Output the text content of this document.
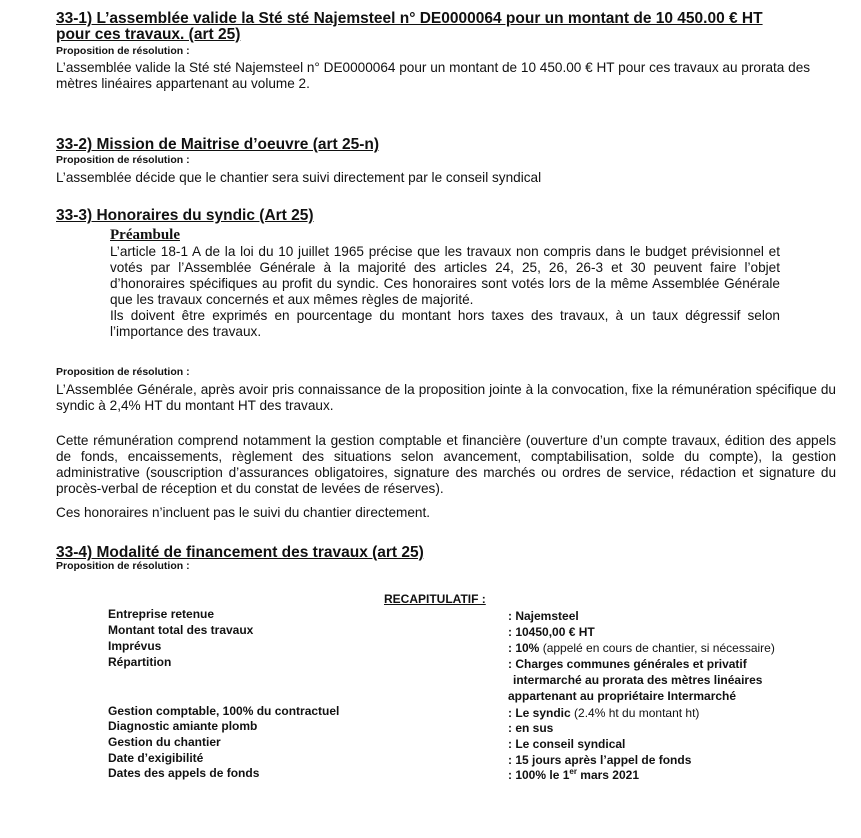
33-1) L’assemblée valide la Sté sté Najemsteel n° DE0000064 pour un montant de 10 450.00 € HT
pour ces travaux. (art 25)
Proposition de résolution :
L’assemblée valide la Sté sté Najemsteel n° DE0000064 pour un montant de 10 450.00 € HT pour ces travaux au prorata des mètres linéaires appartenant au volume 2.
33-2) Mission de Maitrise d’oeuvre (art 25-n)
Proposition de résolution :
L’assemblée décide que le chantier sera suivi directement par le conseil syndical
33-3) Honoraires du syndic (Art 25)
Préambule

L’article 18-1 A de la loi du 10 juillet 1965 précise que les travaux non compris dans le budget prévisionnel et votés par l’Assemblée Générale à la majorité des articles 24, 25, 26, 26-3 et 30 peuvent faire l’objet d’honoraires spécifiques au profit du syndic. Ces honoraires sont votés lors de la même Assemblée Générale que les travaux concernés et aux mêmes règles de majorité.

Ils doivent être exprimés en pourcentage du montant hors taxes des travaux, à un taux dégressif selon l’importance des travaux.

Proposition de résolution :
L’Assemblée Générale, après avoir pris connaissance de la proposition jointe à la convocation, fixe la rémunération spécifique du syndic à 2,4% HT du montant HT des travaux.
Cette rémunération comprend notamment la gestion comptable et financière (ouverture d’un compte travaux, édition des appels de fonds, encaissements, règlement des situations selon avancement, comptabilisation, solde du compte), la gestion administrative (souscription d’assurances obligatoires, signature des marchés ou ordres de service, rédaction et signature du procès-verbal de réception et du constat de levées de réserves).
Ces honoraires n’incluent pas le suivi du chantier directement.
33-4) Modalité de financement des travaux (art 25)
Proposition de résolution :
RECAPITULATIF :
Entreprise retenue	: Najemsteel
Montant total des travaux	: 10450,00 € HT
Imprévus	: 10% (appelé en cours de chantier, si nécessaire)
Répartition	: Charges communes générales et privatif
intermarché au prorata des mètres linéaires
appartenant au propriétaire Intermarché
Gestion comptable, 100% du contractuel	: Le syndic (2.4% ht du montant ht)
Diagnostic amiante plomb	: en sus
Gestion du chantier	: Le conseil syndical
Date d’exigibilité	: 15 jours après l’appel de fonds
Dates des appels de fonds	: 100% le 1er mars 2021
